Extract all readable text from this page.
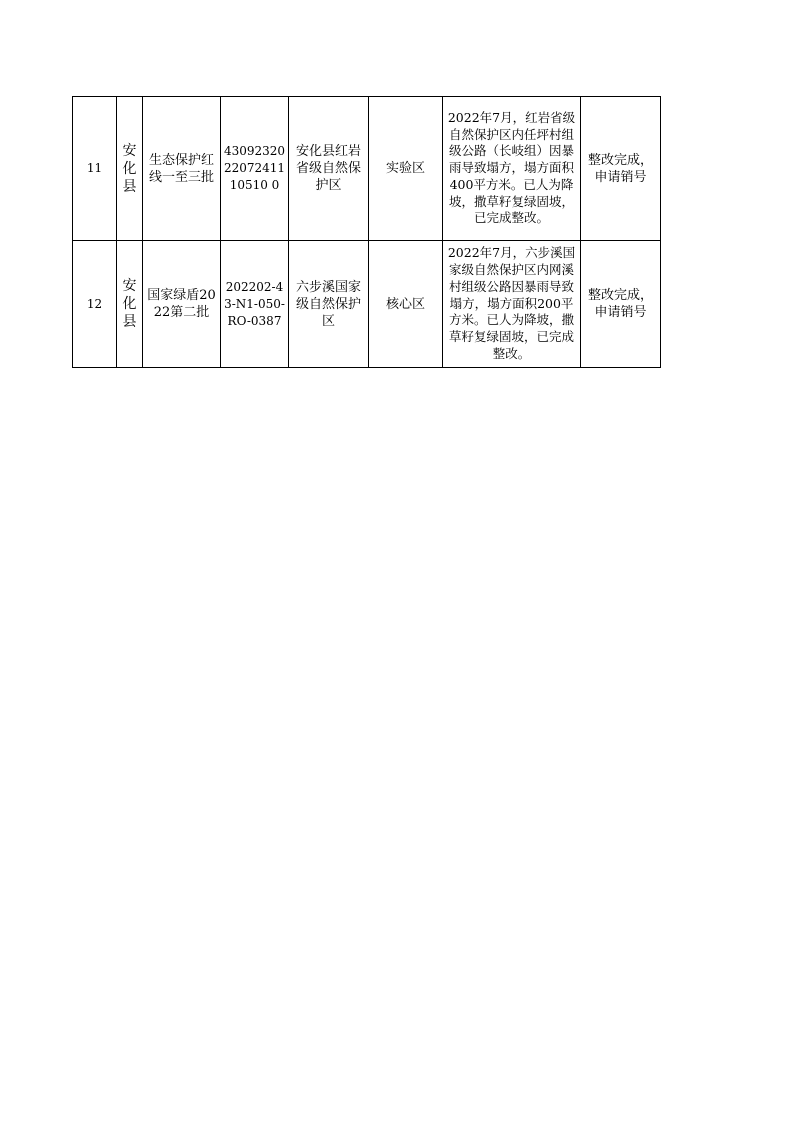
11	安化县	生态保护红线一至三批	430923202207241110510 0	安化县红岩省级自然保护区	实验区	2022年7月，红岩省级自然保护区内任坪村组级公路（长岐组）因暴雨导致塌方，塌方面积400平方米。已人为降坡，撒草籽复绿固坡，已完成整改。	整改完成，申请销号
12	安化县	国家绿盾2022第二批	202202-43-N1-050-RO-0387	六步溪国家级自然保护区	核心区	2022年7月，六步溪国家级自然保护区内网溪村组级公路因暴雨导致塌方，塌方面积200平方米。已人为降坡，撒草籽复绿固坡，已完成整改。	整改完成，申请销号
